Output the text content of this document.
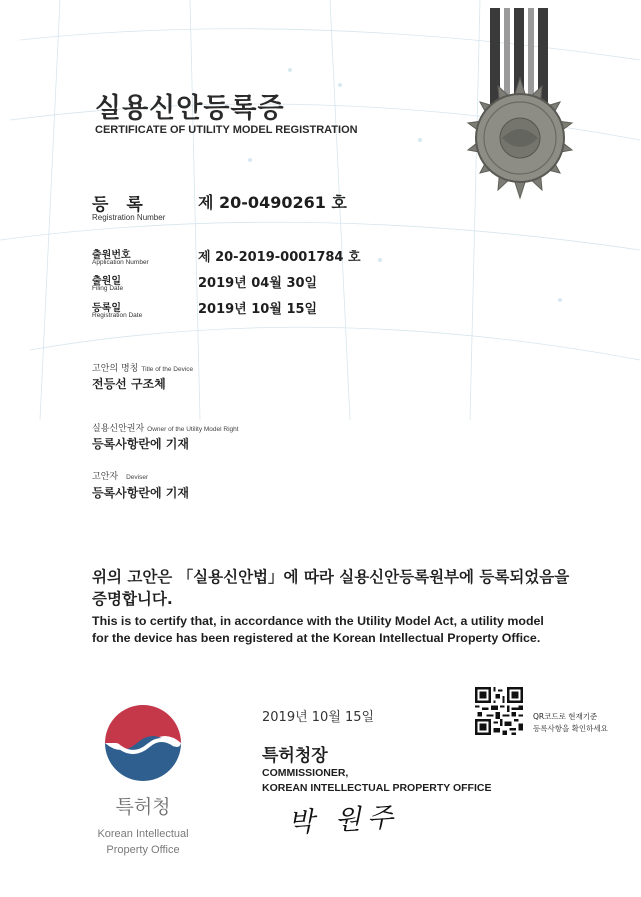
실용신안등록증
CERTIFICATE OF UTILITY MODEL REGISTRATION
등 록
Registration Number
제 20-0490261 호
출원번호
Application Number	제 20-2019-0001784 호
출원일
Filing Date	2019년 04월 30일
등록일
Registration Date	2019년 10월 15일
고안의 명칭 Title of the Device
전등선 구조체
실용신안권자 Owner of the Utility Model Right
등록사항란에 기재
고안자 Deviser
등록사항란에 기재
위의 고안은 「실용신안법」에 따라 실용신안등록원부에 등록되었음을
증명합니다.
This is to certify that, in accordance with the Utility Model Act, a utility model
for the device has been registered at the Korean Intellectual Property Office.
2019년 10월 15일	QR코드로 현재기준
등록사항을 확인하세요
특허청장
COMMISSIONER,
KOREAN INTELLECTUAL PROPERTY OFFICE
박 원주
특허청
Korean Intellectual
Property Office
